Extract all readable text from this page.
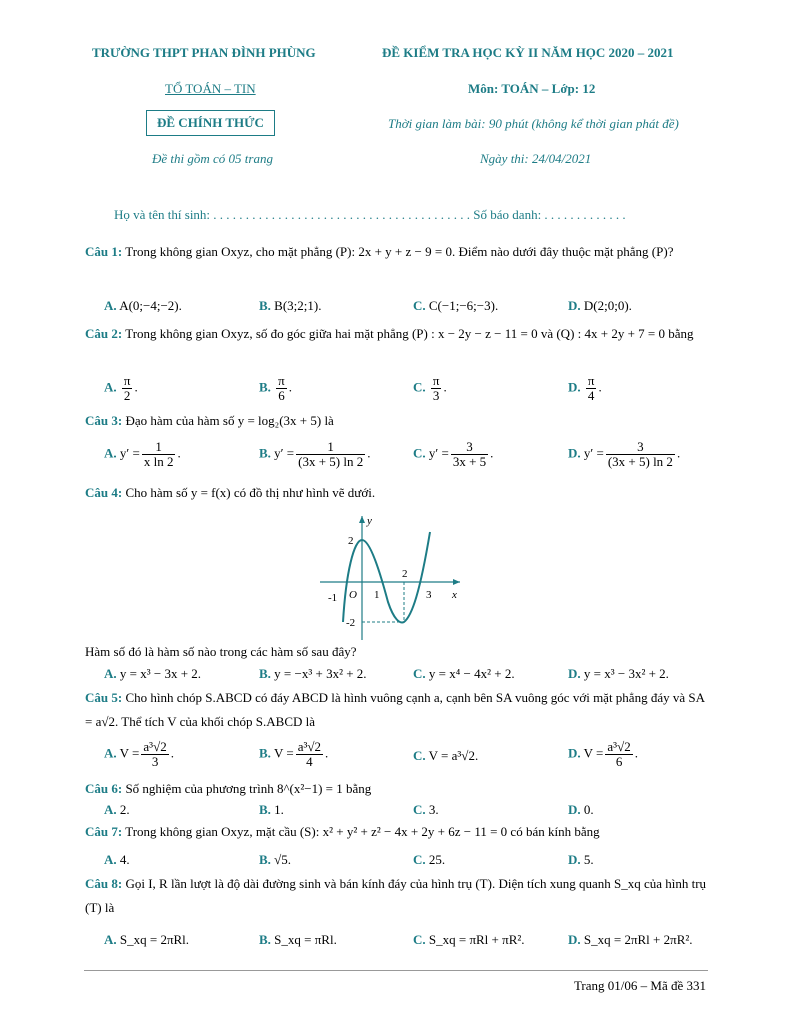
TRƯỜNG THPT PHAN ĐÌNH PHÙNG
TỔ TOÁN – TIN
ĐỀ CHÍNH THỨC
Đề thi gồm có 05 trang
ĐỀ KIỂM TRA HỌC KỲ II NĂM HỌC 2020 – 2021
Môn: TOÁN – Lớp: 12
Thời gian làm bài: 90 phút (không kể thời gian phát đề)
Ngày thi: 24/04/2021
Họ và tên thí sinh: . . . . . . . . . . . . . . . . . . . . . . . . . . . . . . . . . . . . . . . . Số báo danh: . . . . . . . . . . . . .
Câu 1: Trong không gian Oxyz, cho mặt phẳng (P): 2x + y + z − 9 = 0. Điểm nào dưới đây thuộc mặt phẳng (P)?
A. A(0;−4;−2).	B. B(3;2;1).	C. C(−1;−6;−3).	D. D(2;0;0).
Câu 2: Trong không gian Oxyz, số đo góc giữa hai mặt phẳng (P) : x − 2y − z − 11 = 0 và (Q) : 4x + 2y + 7 = 0 bằng
A. $\frac{\pi}{2}$ .	B. $\frac{\pi}{6}$ .	C. $\frac{\pi}{3}$ .	D. $\frac{\pi}{4}$ .
Câu 3: Đạo hàm của hàm số y = log₂(3x + 5) là
A. $y' = \frac{1}{\text{x ln 2}}$ .	B. $y' = \frac{1}{(3x + 5) \ln 2}$ .	C. $y' = \frac{3}{3x + 5}$ .	D. $y' = \frac{3}{(3x + 5) \ln 2}$ .
Câu 4: Cho hàm số y = f(x) có đồ thị như hình vẽ dưới.
y
x
O
2
-2
-1	1
2
3
Hàm số đó là hàm số nào trong các hàm số sau đây?
A. y = x³ − 3x + 2.	B. y = −x³ + 3x² + 2.	C. y = x⁴ − 4x² + 2.	D. y = x³ − 3x² + 2.
Câu 5: Cho hình chóp S.ABCD có đáy ABCD là hình vuông cạnh a, cạnh bên SA vuông góc với mặt phẳng đáy và SA = a√2. Thể tích V của khối chóp S.ABCD là
A. $V = \frac{\text{a³√2}}{3}$ .	B. $V = \frac{\text{a³√2}}{4}$ .	C. V = a³√2.	D. $V = \frac{\text{a³√2}}{6}$ .
Câu 6: Số nghiệm của phương trình 8^(x²−1) = 1 bằng
A. 2.	B. 1.	C. 3.	D. 0.
Câu 7: Trong không gian Oxyz, mặt cầu (S): x² + y² + z² − 4x + 2y + 6z − 11 = 0 có bán kính bằng
A. 4.	B. √5.	C. 25.	D. 5.
Câu 8: Gọi I, R lần lượt là độ dài đường sinh và bán kính đáy của hình trụ (T). Diện tích xung quanh S_xq của hình trụ (T) là
A. S_xq = 2πRl.	B. S_xq = πRl.	C. S_xq = πRl + πR².	D. S_xq = 2πRl + 2πR².
Trang 01/06 – Mã đề 331
